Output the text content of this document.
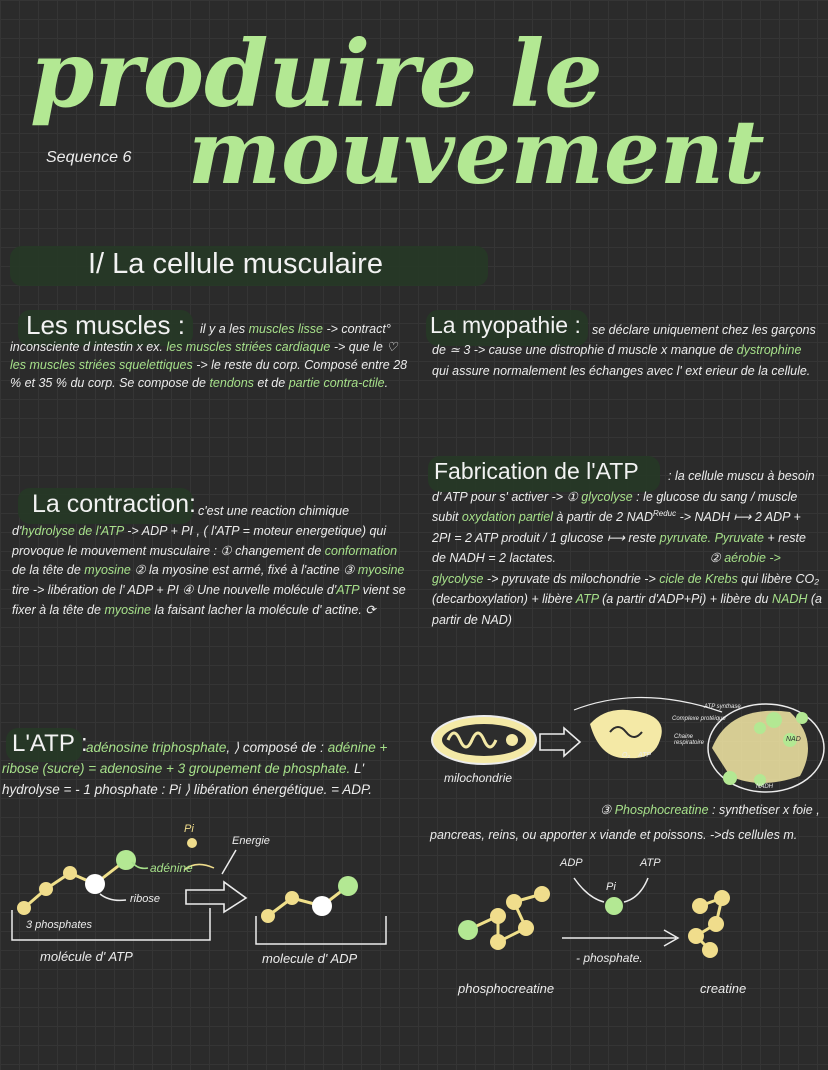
produire le
mouvement
Sequence 6
I/ La cellule musculaire
Les muscles :	il y a les muscles lisse -> contract° inconsciente d intestin x ex. les muscles striées cardiaque -> que le ♡ les muscles striées squelettiques -> le reste du corp. Composé entre 28 % et 35 % du corp. Se compose de tendons et de partie contra-ctile.
La contraction: c'est une reaction chimique d'hydrolyse de l'ATP -> ADP + PI , ( l'ATP = moteur energetique) qui provoque le mouvement musculaire : ① changement de conformation de la tête de myosine ② la myosine est armé, fixé à l'actine ③ myosine tire -> libération de l' ADP + PI ④ Une nouvelle molécule d'ATP vient se fixer à la tête de myosine la faisant lacher la molécule d' actine. ⟳
L'ATP :
adénosine triphosphate, ⟩ composé de : adénine + ribose (sucre) = adenosine + 3 groupement de phosphate. L' hydrolyse = - 1 phosphate : Pi ⟩ libération énergétique. = ADP.
La myopathie : se déclare uniquement chez les garçons de ≃ 3 -> cause une distrophie d muscle x manque de dystrophine qui assure normalement les échanges avec l' ext erieur de la cellule.
Fabrication de l'ATP	: la cellule muscu à besoin d' ATP pour s' activer -> ① glycolyse : le glucose du sang / muscle subit oxydation partiel à partir de 2 $NAD^{Reduc}$ -> NADH ⟼ 2 ADP + 2PI = 2 ATP produit / 1 glucose ⟼ reste pyruvate. Pyruvate + reste de NADH = 2 lactates.	② aérobie -> glycolyse -> pyruvate ds milochondrie -> cicle de Krebs qui libère CO₂ (decarboxylation) + libère ATP (a partir d'ADP+Pi) + libère du NADH (a partir de NAD)
③ Phosphocreatine : synthetiser x foie , pancreas, reins, ou apporter x viande et poissons. ->ds cellules m.
Pi
Energie
adénine
ribose
3 phosphates
molécule d' ATP	molecule d' ADP
milochondrie
ATP synthase
Complexe protéique
Chaine respiratoire
O₂ ATP
NAD
NADH
ADP	ATP
Pi
- phosphate.
phosphocreatine	creatine
